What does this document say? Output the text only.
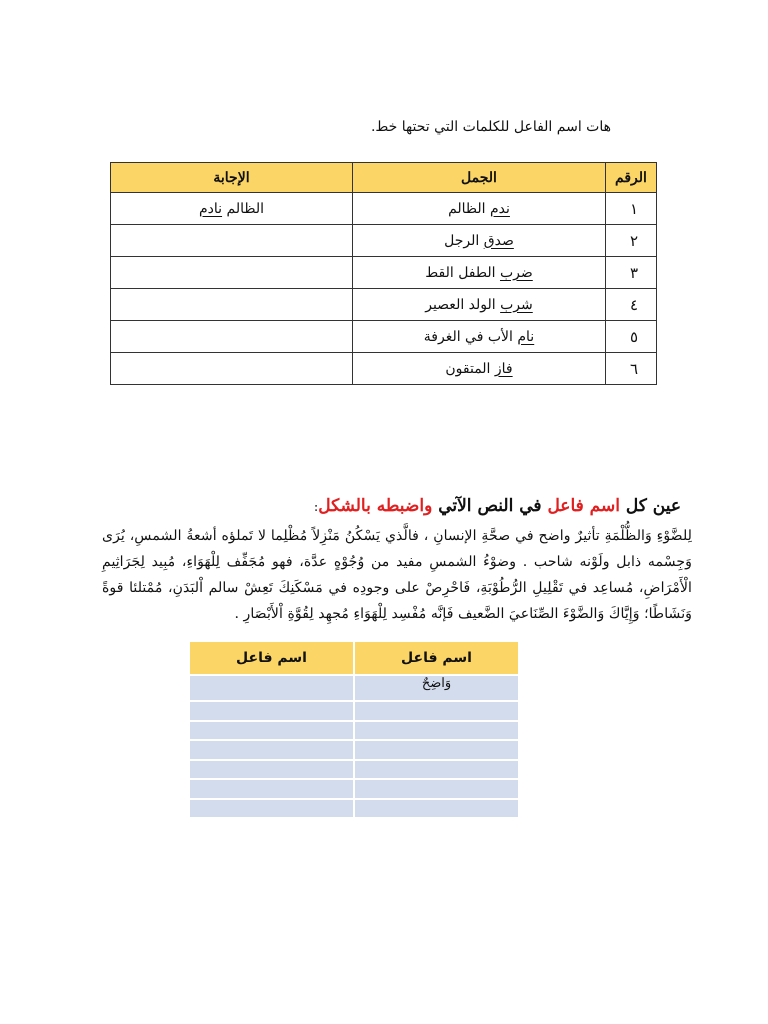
هات اسم الفاعل للكلمات التي تحتها خط.
الرقم	الجمل	الإجابة
١	ندم الظالم	الظالم نادم
٢	صدق الرجل	
٣	ضرب الطفل القط	
٤	شرب الولد العصير	
٥	نام الأب في الغرفة	
٦	فاز المتقون	
عين كل اسم فاعل في النص الآتي واضبطه بالشكل:
لِلضَّوْءِ وَالظُّلْمَةِ تأثيرٌ واضح في صحَّةِ الإنسانِ ، فالَّذي يَسْكُنُ مَنْزِلاً مُظْلِما لا تَملؤه أشعةُ الشمسِ، يُرَى وَجِسْمه ذابل ولَوْنه شاحب . وضوْءُ الشمسِ مفيد من وُجُوْهٍ عدَّة، فهو مُجَفِّف لِلْهَوَاءِ، مُبِيد لِجَرَاثِيمِ الْأَمْرَاضِ، مُساعِد في تَقْلِيلِ الرُّطُوْبَةِ، فَاحْرِصْ على وجودِه في مَسْكَنِكَ تَعِشْ سالم اْلبَدَنِ، مُمْتلئا قوةً وَنَشَاطًا؛ وَإِيَّاكَ وَالضَّوْءَ الصِّنَاعيَ الضَّعيف فَإنَّه مُفْسِد لِلْهَوَاءِ مُجهِد لِقُوَّةِ اْلأَبْصَارِ .
اسم فاعل	اسم فاعل
وَاضِحٌ	
